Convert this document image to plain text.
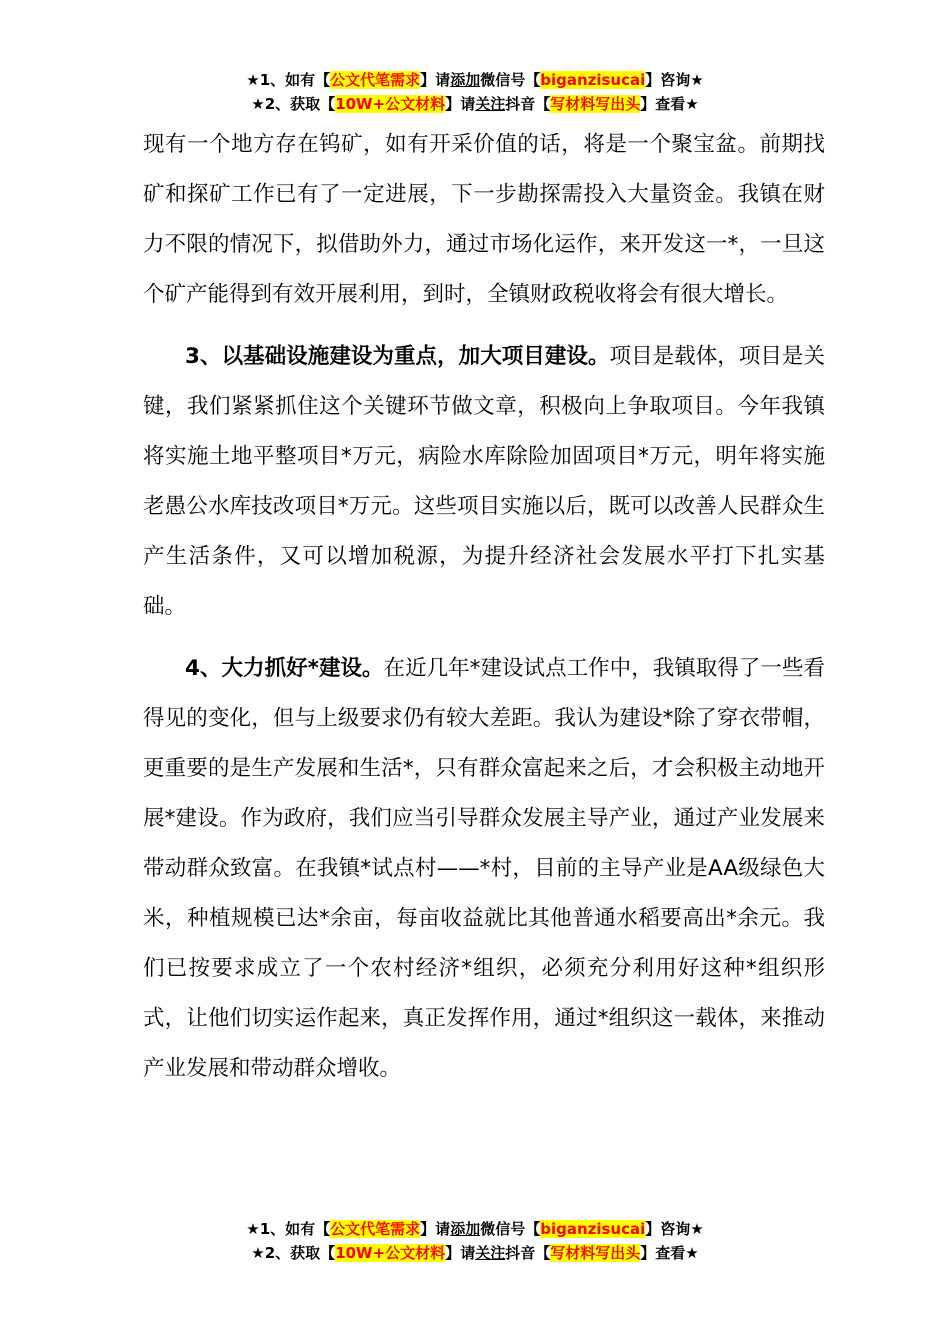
★1、如有【公文代笔需求】请添加微信号【biganzisucai】咨询★
★2、获取【10W+公文材料】请关注抖音【写材料写出头】查看★

现有一个地方存在钨矿，如有开采价值的话，将是一个聚宝盆。前期找矿和探矿工作已有了一定进展，下一步勘探需投入大量资金。我镇在财力不限的情况下，拟借助外力，通过市场化运作，来开发这一*，一旦这个矿产能得到有效开展利用，到时，全镇财政税收将会有很大增长。

3、以基础设施建设为重点，加大项目建设。项目是载体，项目是关键，我们紧紧抓住这个关键环节做文章，积极向上争取项目。今年我镇将实施土地平整项目*万元，病险水库除险加固项目*万元，明年将实施老愚公水库技改项目*万元。这些项目实施以后，既可以改善人民群众生产生活条件，又可以增加税源，为提升经济社会发展水平打下扎实基础。

4、大力抓好*建设。在近几年*建设试点工作中，我镇取得了一些看得见的变化，但与上级要求仍有较大差距。我认为建设*除了穿衣带帽，更重要的是生产发展和生活*，只有群众富起来之后，才会积极主动地开展*建设。作为政府，我们应当引导群众发展主导产业，通过产业发展来带动群众致富。在我镇*试点村——*村，目前的主导产业是AA级绿色大米，种植规模已达*余亩，每亩收益就比其他普通水稻要高出*余元。我们已按要求成立了一个农村经济*组织，必须充分利用好这种*组织形式，让他们切实运作起来，真正发挥作用，通过*组织这一载体，来推动产业发展和带动群众增收。

★1、如有【公文代笔需求】请添加微信号【biganzisucai】咨询★
★2、获取【10W+公文材料】请关注抖音【写材料写出头】查看★
